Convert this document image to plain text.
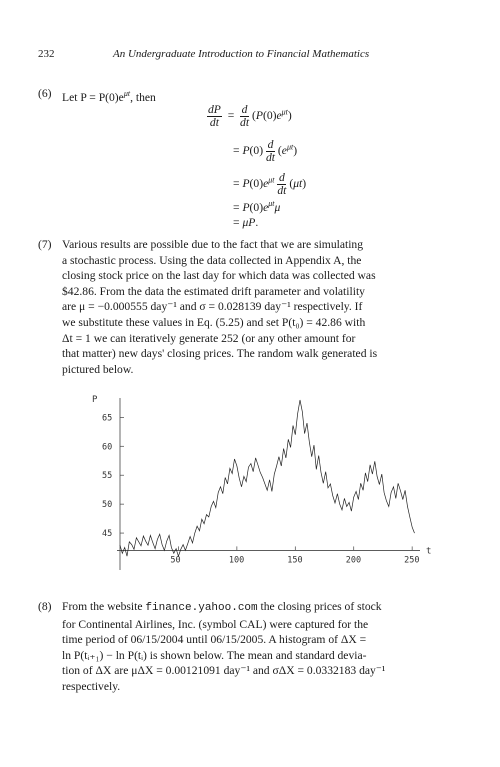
232	An Undergraduate Introduction to Financial Mathematics
(6) Let $P = P(0)e^{\mu t}$, then
$\frac{dP}{dt} = \frac{d}{dt} (P(0)e^{\mu t})$
= $P(0) \frac{d}{dt} (e^{\mu t})$
= $P(0)e^{\mu t} \frac{d}{dt} (\mu t)$
= $P(0)e^{\mu t}\mu$
= μP.
(7) Various results are possible due to the fact that we are simulating
a stochastic process. Using the data collected in Appendix A, the
closing stock price on the last day for which data was collected was
$42.86. From the data the estimated drift parameter and volatility
are μ = −0.000555 day⁻¹ and σ = 0.028139 day⁻¹ respectively. If
we substitute these values in Eq. (5.25) and set P(t₀) = 42.86 with
Δt = 1 we can iteratively generate 252 (or any other amount for
that matter) new days' closing prices. The random walk generated is
pictured below.
P
t
45
50
55
60
65
50	100	150	200	250
(8) From the website finance.yahoo.com the closing prices of stock
for Continental Airlines, Inc. (symbol CAL) were captured for the
time period of 06/15/2004 until 06/15/2005. A histogram of ΔX =
ln P(tᵢ₊₁) − ln P(tᵢ) is shown below. The mean and standard devia-
tion of ΔX are μΔX = 0.00121091 day⁻¹ and σΔX = 0.0332183 day⁻¹
respectively.
